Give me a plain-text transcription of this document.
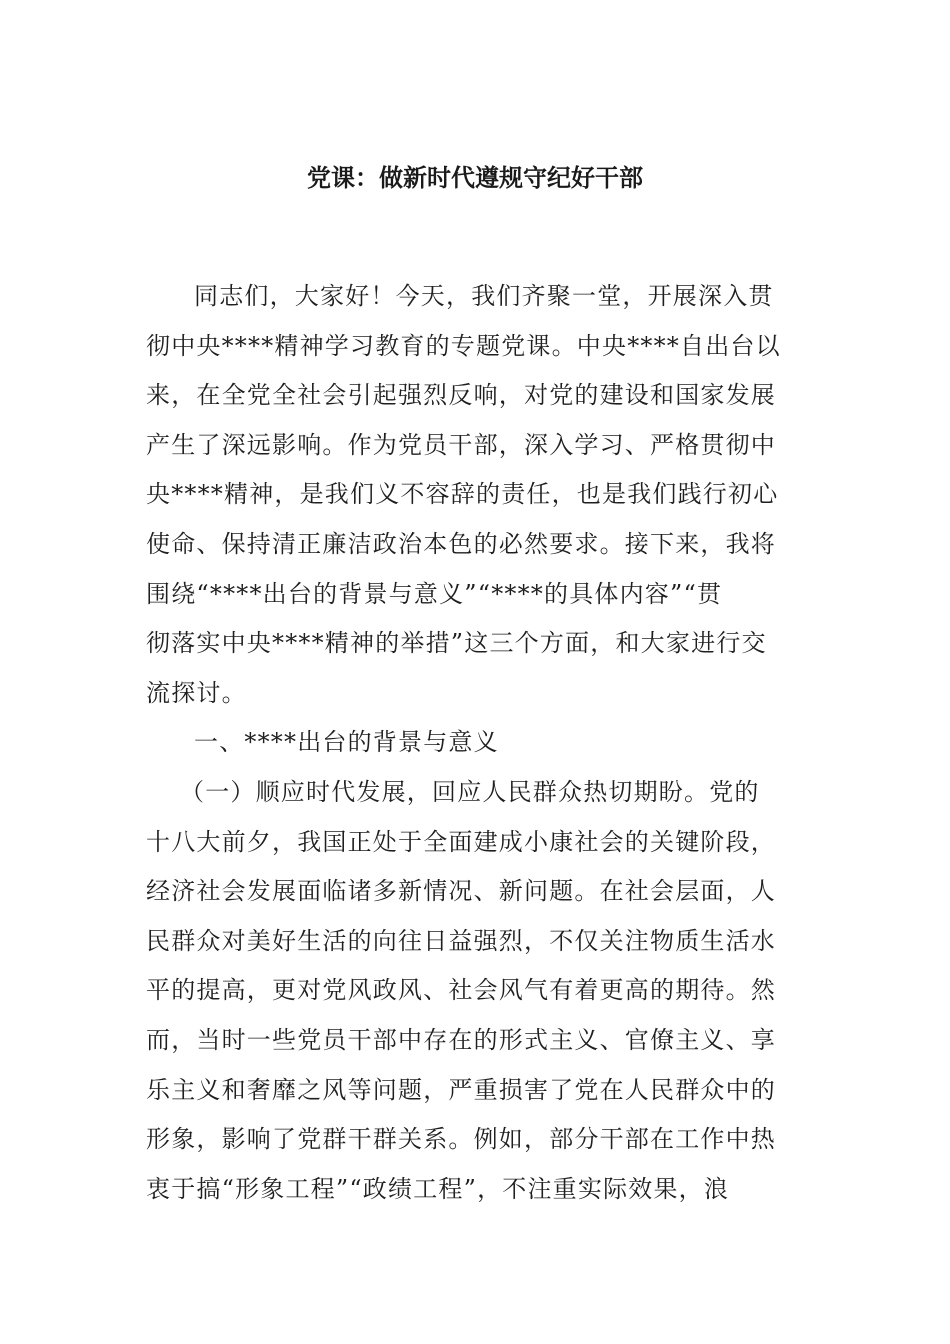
党课：做新时代遵规守纪好干部
同志们，大家好！今天，我们齐聚一堂，开展深入贯
彻中央****精神学习教育的专题党课。中央****自出台以
来，在全党全社会引起强烈反响，对党的建设和国家发展
产生了深远影响。作为党员干部，深入学习、严格贯彻中
央****精神，是我们义不容辞的责任，也是我们践行初心
使命、保持清正廉洁政治本色的必然要求。接下来，我将
围绕“****出台的背景与意义”“****的具体内容”“贯
彻落实中央****精神的举措”这三个方面，和大家进行交
流探讨。
一、****出台的背景与意义
（一）顺应时代发展，回应人民群众热切期盼。党的
十八大前夕，我国正处于全面建成小康社会的关键阶段，
经济社会发展面临诸多新情况、新问题。在社会层面，人
民群众对美好生活的向往日益强烈，不仅关注物质生活水
平的提高，更对党风政风、社会风气有着更高的期待。然
而，当时一些党员干部中存在的形式主义、官僚主义、享
乐主义和奢靡之风等问题，严重损害了党在人民群众中的
形象，影响了党群干群关系。例如，部分干部在工作中热
衷于搞“形象工程”“政绩工程”，不注重实际效果，浪
